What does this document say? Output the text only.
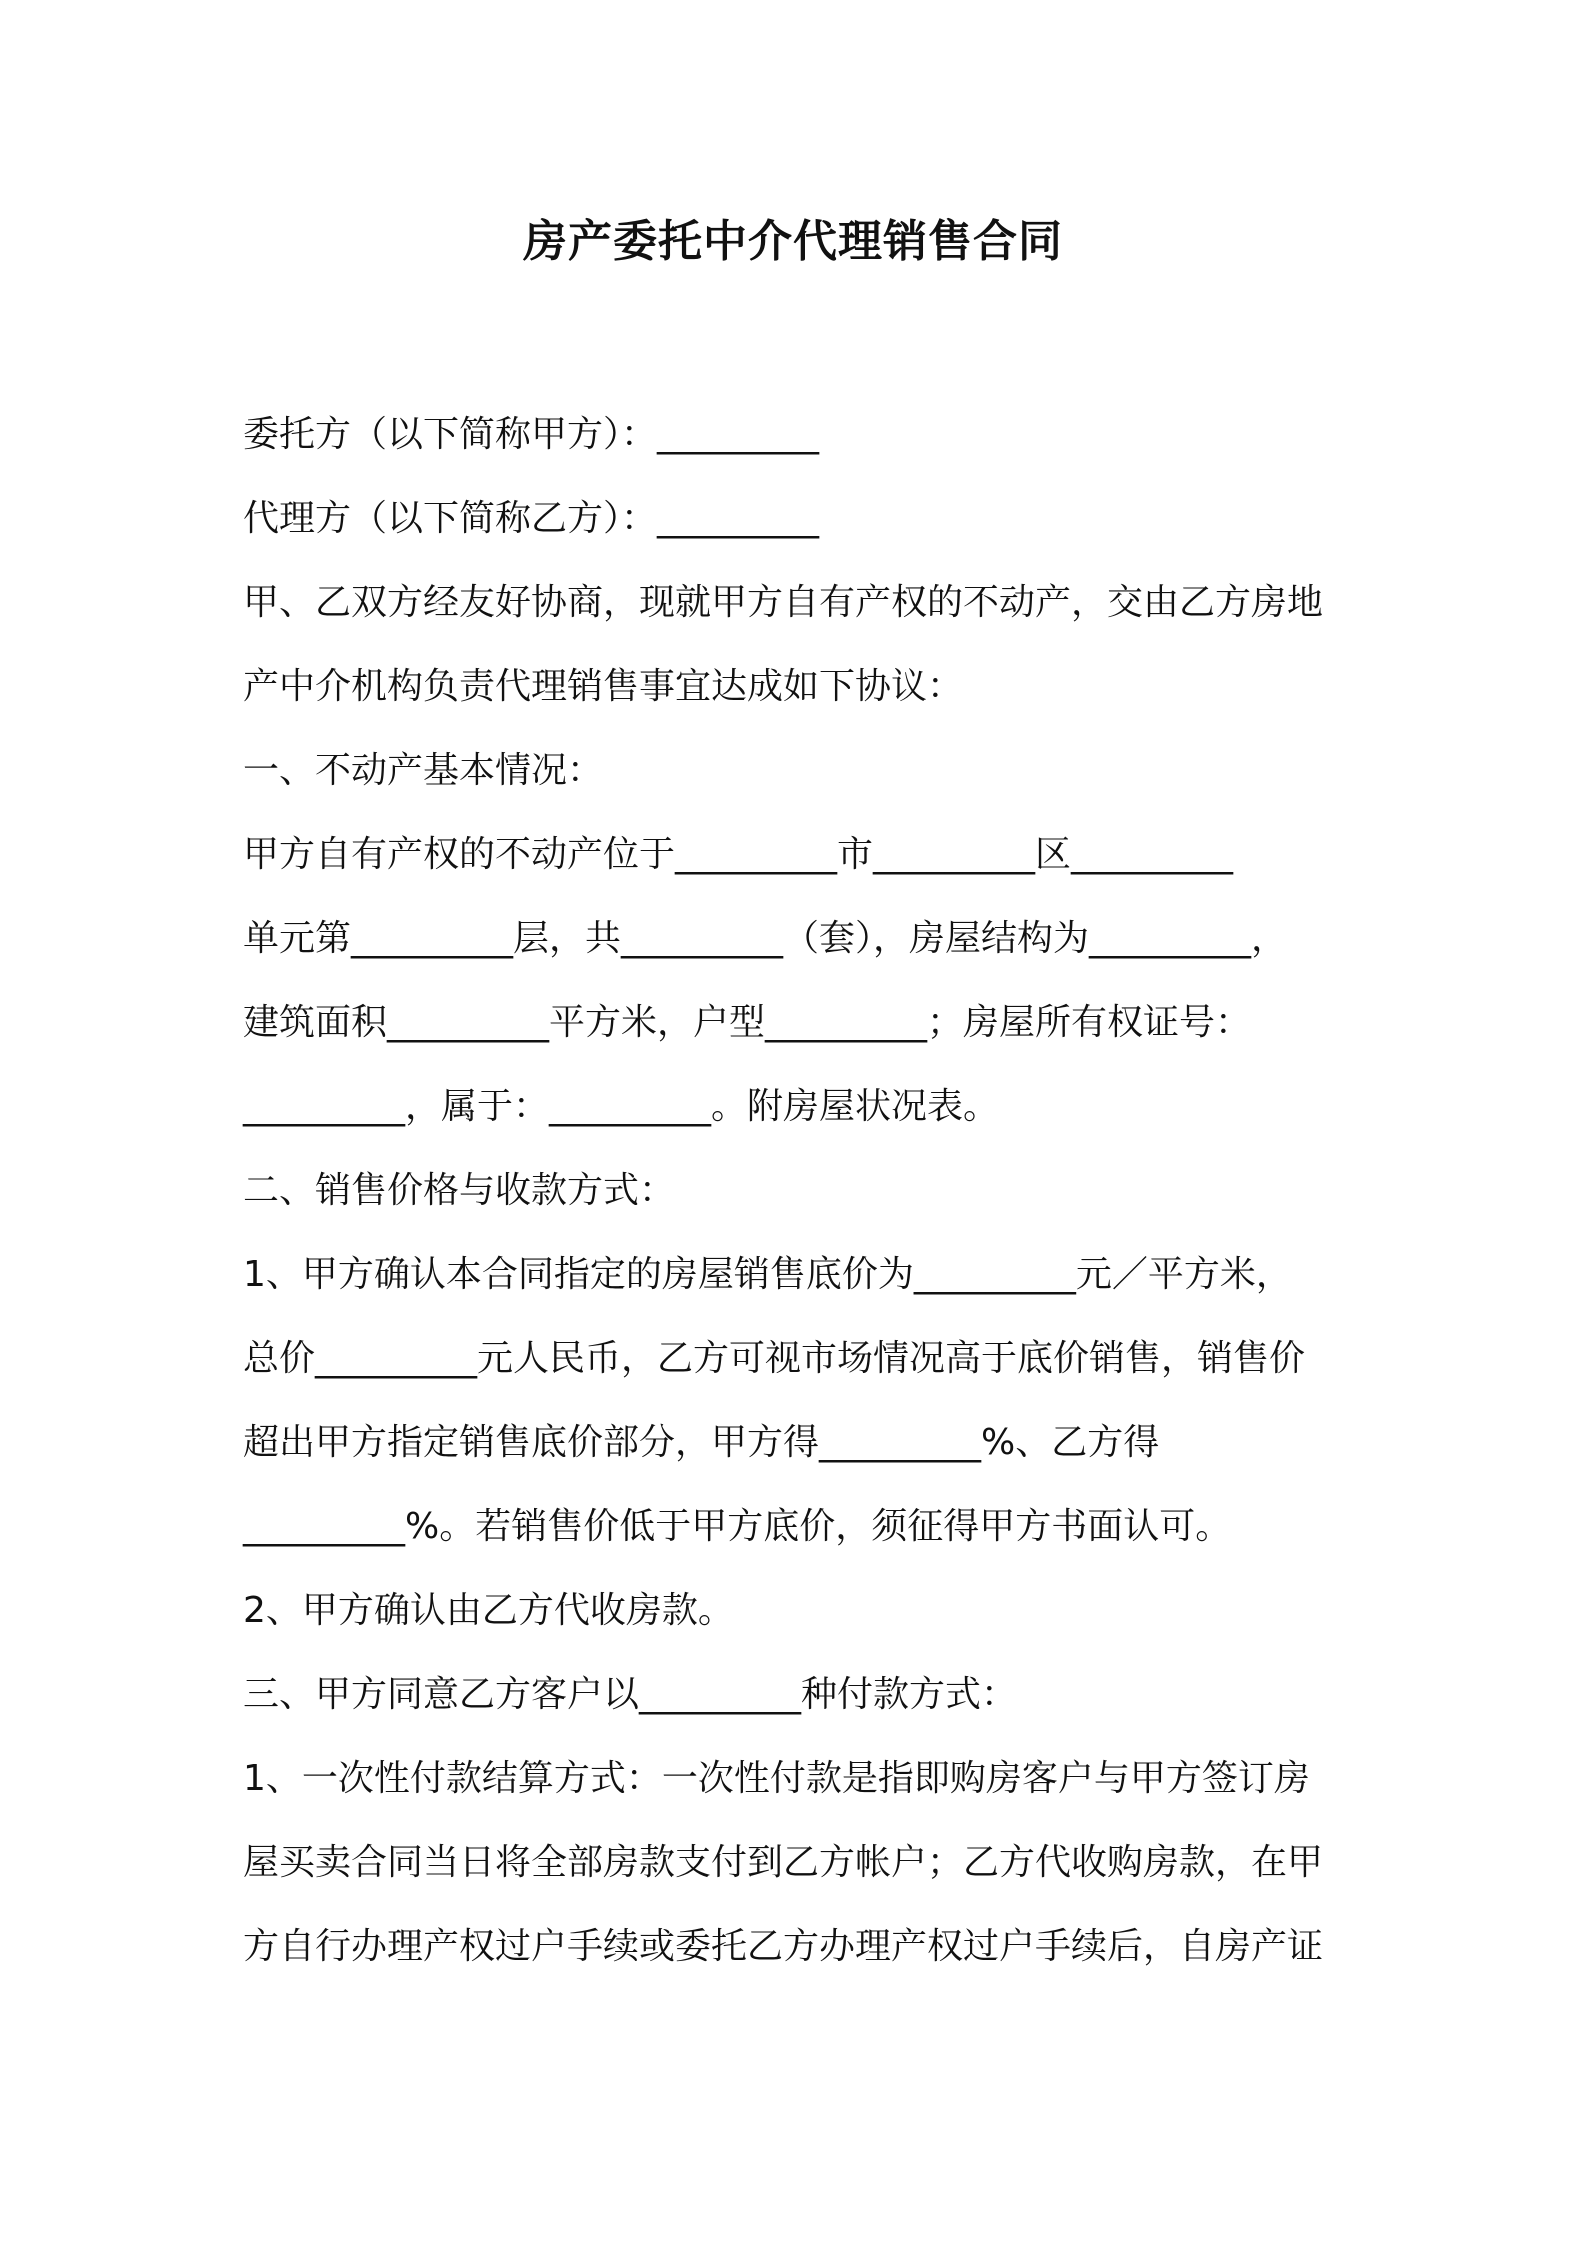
房产委托中介代理销售合同
委托方（以下简称甲方）：_________
代理方（以下简称乙方）：_________
甲、乙双方经友好协商，现就甲方自有产权的不动产，交由乙方房地
产中介机构负责代理销售事宜达成如下协议：
一、不动产基本情况：
甲方自有产权的不动产位于_________市_________区_________
单元第_________层，共_________（套），房屋结构为_________，
建筑面积_________平方米，户型_________；房屋所有权证号：
_________，属于：_________。附房屋状况表。
二、销售价格与收款方式：
1、甲方确认本合同指定的房屋销售底价为_________元／平方米，
总价_________元人民币，乙方可视市场情况高于底价销售，销售价
超出甲方指定销售底价部分，甲方得_________%、乙方得
_________%。若销售价低于甲方底价，须征得甲方书面认可。
2、甲方确认由乙方代收房款。
三、甲方同意乙方客户以_________种付款方式：
1、一次性付款结算方式：一次性付款是指即购房客户与甲方签订房
屋买卖合同当日将全部房款支付到乙方帐户；乙方代收购房款，在甲
方自行办理产权过户手续或委托乙方办理产权过户手续后，自房产证
